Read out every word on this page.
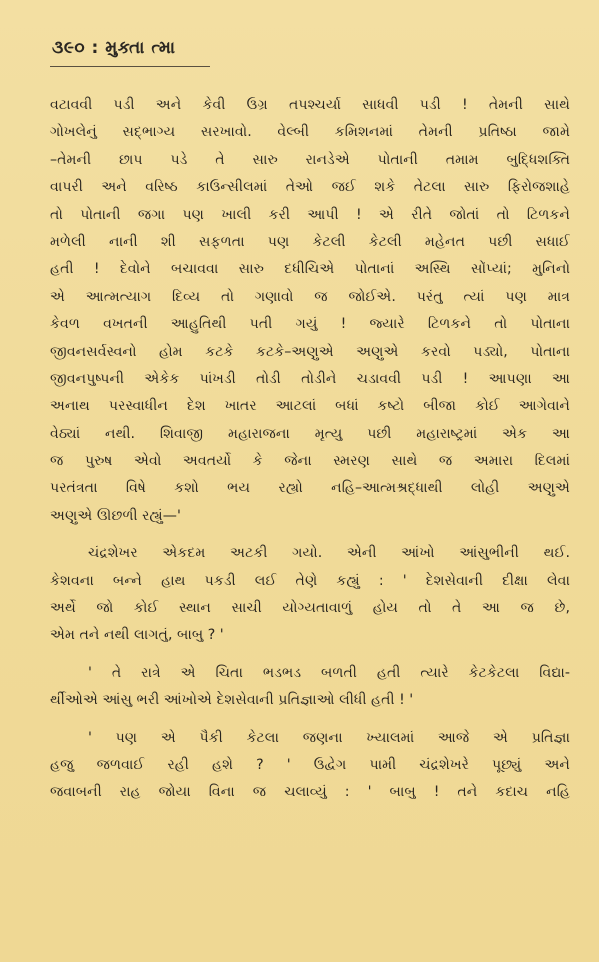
૩૯૦ : મુક્તા ત્મા
વટાવવી પડી અને કેવી ઉગ્ર તપશ્ચર્યા સાધવી પડી ! તેમની સાથે
ગોખલેનું સદ્‌ભાગ્ય સરખાવો. વેલ્બી કમિશનમાં તેમની પ્રતિષ્ઠા જામે
–તેમની છાપ પડે તે સારુ રાનડેએ પોતાની તમામ બુદ્ધિશક્તિ
વાપરી અને વરિષ્ઠ કાઉન્સીલમાં તેઓ જઈ શકે તેટલા સારુ ફિરોજશાહે
તો પોતાની જગા પણ ખાલી કરી આપી ! એ રીતે જોતાં તો ટિળકને
મળેલી નાની શી સફળતા પણ કેટલી કેટલી મહેનત પછી સધાઈ
હતી ! દેવોને બચાવવા સારુ દધીચિએ પોતાનાં અસ્થિ સોંપ્યાં; મુનિનો
એ આત્મત્યાગ દિવ્ય તો ગણાવો જ જોઈએ. પરંતુ ત્યાં પણ માત્ર
કેવળ વખતની આહુતિથી પતી ગયું ! જ્યારે ટિળકને તો પોતાના
જીવનસર્વસ્વનો હોમ કટકે કટકે–અણુએ અણુએ કરવો પડ્યો, પોતાના
જીવનપુષ્પની એકેક પાંખડી તોડી તોડીને ચડાવવી પડી ! આપણા આ
અનાથ પરસ્વાધીન દેશ ખાતર આટલાં બધાં કષ્ટો બીજા કોઈ આગેવાને
વેઠ્યાં નથી. શિવાજી મહારાજના મૃત્યુ પછી મહારાષ્ટ્રમાં એક આ
જ પુરુષ એવો અવતર્યો કે જેના સ્મરણ સાથે જ અમારા દિલમાં
પરતંત્રતા વિષે કશો ભય રહ્યો નહિ–આત્મશ્રદ્ધાથી લોહી અણુએ
અણુએ ઊછળી રહ્યું—'
ચંદ્રશેખર એકદમ અટકી ગયો. એની આંખો આંસુભીની થઈ.
કેશવના બન્ને હાથ પકડી લઈ તેણે કહ્યું : ' દેશસેવાની દીક્ષા લેવા
અર્થે જો કોઈ સ્થાન સાચી યોગ્યતાવાળું હોય તો તે આ જ છે,
એમ તને નથી લાગતું, બાબુ ? '
' તે રાત્રે એ ચિતા ભડભડ બળતી હતી ત્યારે કેટકેટલા વિદ્યા-
ર્થીઓએ આંસુ ભરી આંખોએ દેશસેવાની પ્રતિજ્ઞાઓ લીધી હતી ! '
' પણ એ પૈકી કેટલા જણના ખ્યાલમાં આજે એ પ્રતિજ્ઞા
હજુ જળવાઈ રહી હશે ? ' ઉદ્વેગ પામી ચંદ્રશેખરે પૂછ્યું અને
જવાબની રાહ જોયા વિના જ ચલાવ્યું : ' બાબુ ! તને કદાચ નહિ
